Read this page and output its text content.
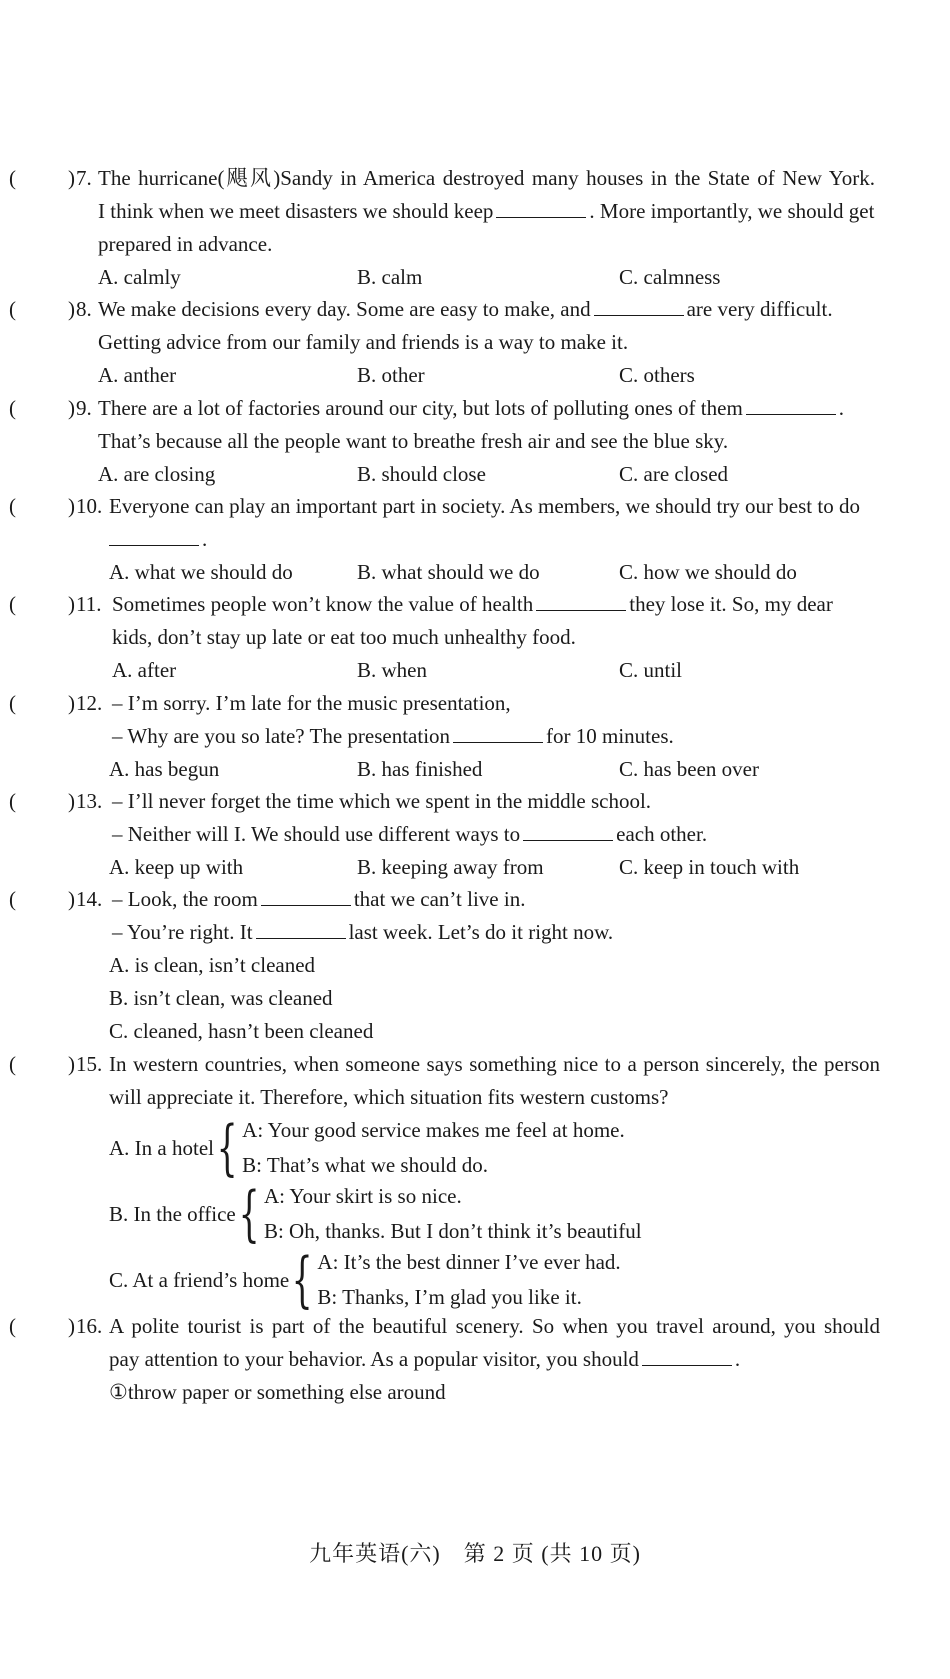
( ) 7. The hurricane(飓风)Sandy in America destroyed many houses in the State of New York.
I think when we meet disasters we should keep	. More importantly, we should get
prepared in advance.
A. calmly	B. calm	C. calmness
( ) 8. We make decisions every day. Some are easy to make, and	are very difficult.
Getting advice from our family and friends is a way to make it.
A. anther	B. other	C. others
( ) 9. There are a lot of factories around our city, but lots of polluting ones of them	.
That’s because all the people want to breathe fresh air and see the blue sky.
A. are closing	B. should close	C. are closed
( ) 10. Everyone can play an important part in society. As members, we should try our best to do
.
A. what we should do	B. what should we do	C. how we should do
( ) 11. Sometimes people won’t know the value of health	they lose it. So, my dear
kids, don’t stay up late or eat too much unhealthy food.
A. after	B. when	C. until
( ) 12. – I’m sorry. I’m late for the music presentation,
– Why are you so late? The presentation	for 10 minutes.
A. has begun	B. has finished	C. has been over
( ) 13. – I’ll never forget the time which we spent in the middle school.
– Neither will I. We should use different ways to	each other.
A. keep up with	B. keeping away from	C. keep in touch with
( ) 14. – Look, the room	that we can’t live in.
– You’re right. It	last week. Let’s do it right now.
A. is clean, isn’t cleaned
B. isn’t clean, was cleaned
C. cleaned, hasn’t been cleaned
( ) 15. In western countries, when someone says something nice to a person sincerely, the person
will appreciate it. Therefore, which situation fits western customs?
A. In a hotel { A: Your good service makes me feel at home.
B: That’s what we should do.
B. In the office { A: Your skirt is so nice.
B: Oh, thanks. But I don’t think it’s beautiful
C. At a friend’s home { A: It’s the best dinner I’ve ever had.
B: Thanks, I’m glad you like it.
( ) 16. A polite tourist is part of the beautiful scenery. So when you travel around, you should
pay attention to your behavior. As a popular visitor, you should	.
①throw paper or something else around
九年英语(六)　第 2 页 (共 10 页)
